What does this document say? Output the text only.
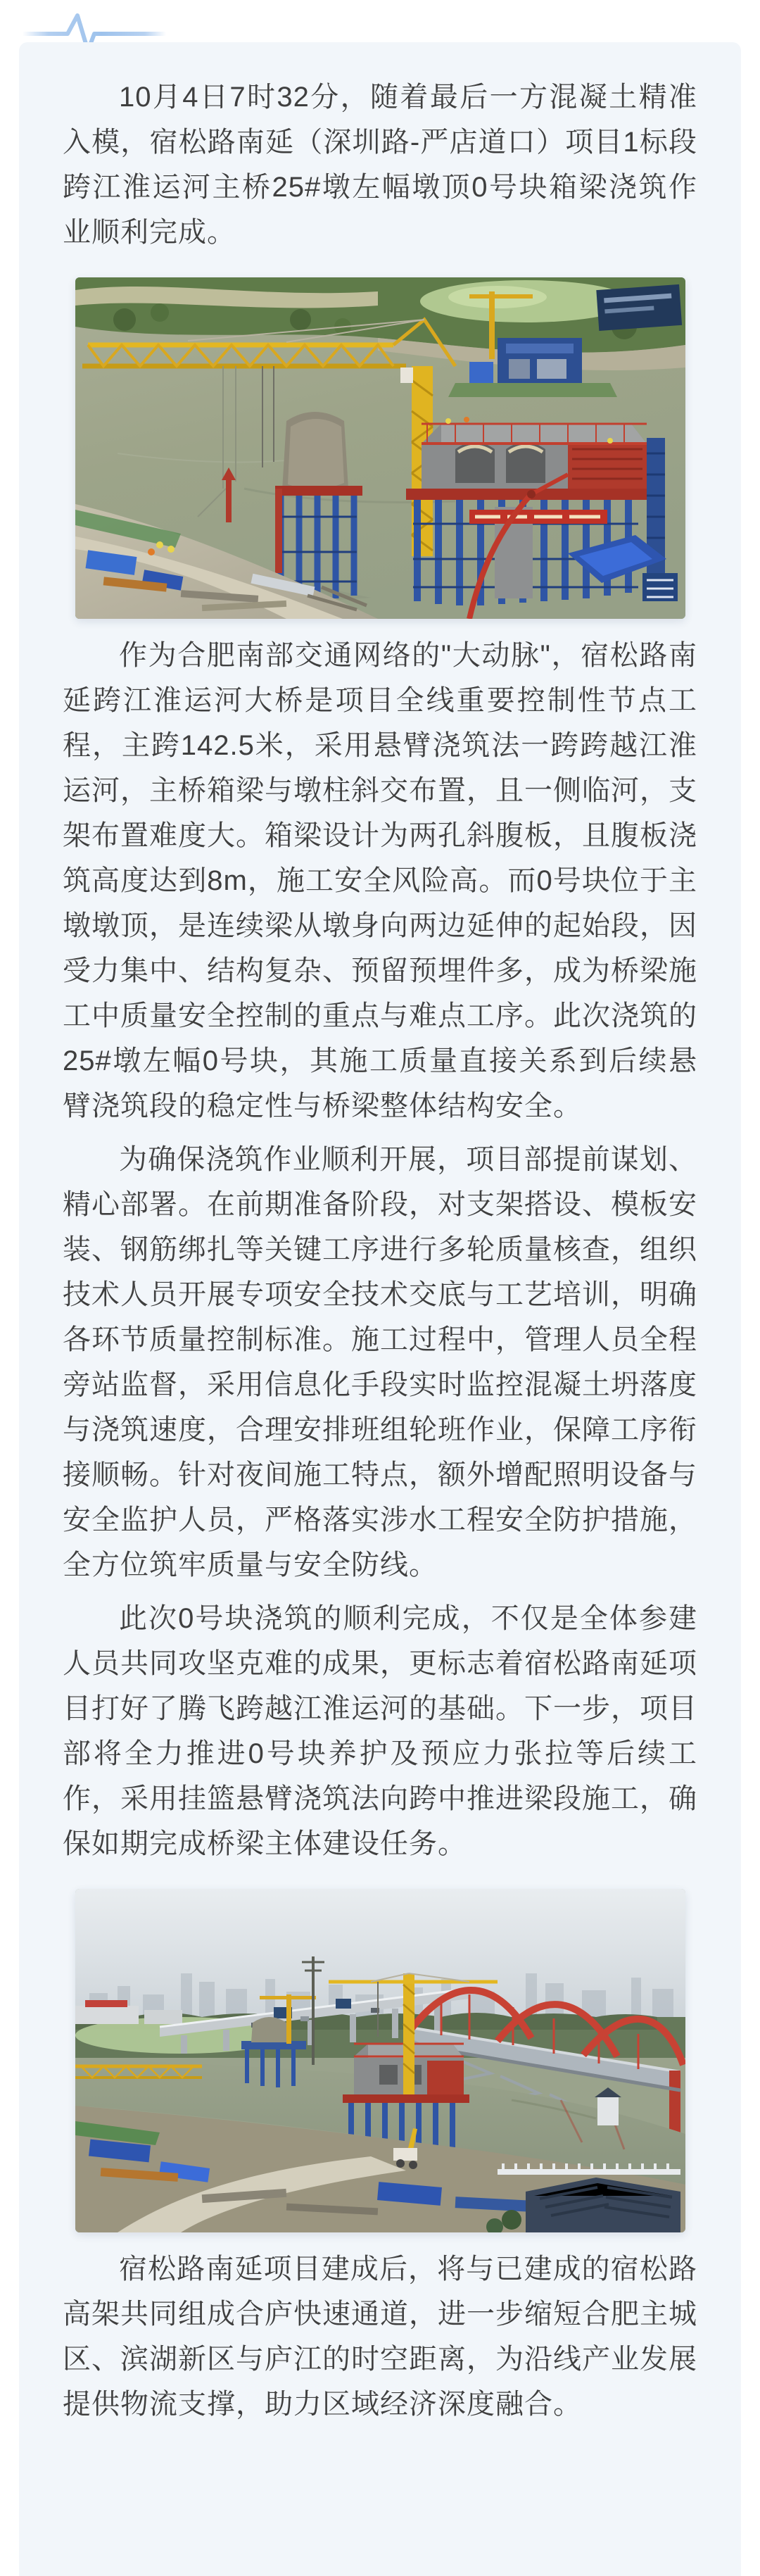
10月4日7时32分，随着最后一方混凝土精准入模，宿松路南延（深圳路-严店道口）项目1标段跨江淮运河主桥25#墩左幅墩顶0号块箱梁浇筑作业顺利完成。

作为合肥南部交通网络的"大动脉"，宿松路南延跨江淮运河大桥是项目全线重要控制性节点工程，主跨142.5米，采用悬臂浇筑法一跨跨越江淮运河，主桥箱梁与墩柱斜交布置，且一侧临河，支架布置难度大。箱梁设计为两孔斜腹板，且腹板浇筑高度达到8m，施工安全风险高。而0号块位于主墩墩顶，是连续梁从墩身向两边延伸的起始段，因受力集中、结构复杂、预留预埋件多，成为桥梁施工中质量安全控制的重点与难点工序。此次浇筑的25#墩左幅0号块，其施工质量直接关系到后续悬臂浇筑段的稳定性与桥梁整体结构安全。

为确保浇筑作业顺利开展，项目部提前谋划、精心部署。在前期准备阶段，对支架搭设、模板安装、钢筋绑扎等关键工序进行多轮质量核查，组织技术人员开展专项安全技术交底与工艺培训，明确各环节质量控制标准。施工过程中，管理人员全程旁站监督，采用信息化手段实时监控混凝土坍落度与浇筑速度，合理安排班组轮班作业，保障工序衔接顺畅。针对夜间施工特点，额外增配照明设备与安全监护人员，严格落实涉水工程安全防护措施，全方位筑牢质量与安全防线。

此次0号块浇筑的顺利完成，不仅是全体参建人员共同攻坚克难的成果，更标志着宿松路南延项目打好了腾飞跨越江淮运河的基础。下一步，项目部将全力推进0号块养护及预应力张拉等后续工作，采用挂篮悬臂浇筑法向跨中推进梁段施工，确保如期完成桥梁主体建设任务。

宿松路南延项目建成后，将与已建成的宿松路高架共同组成合庐快速通道，进一步缩短合肥主城区、滨湖新区与庐江的时空距离，为沿线产业发展提供物流支撑，助力区域经济深度融合。
